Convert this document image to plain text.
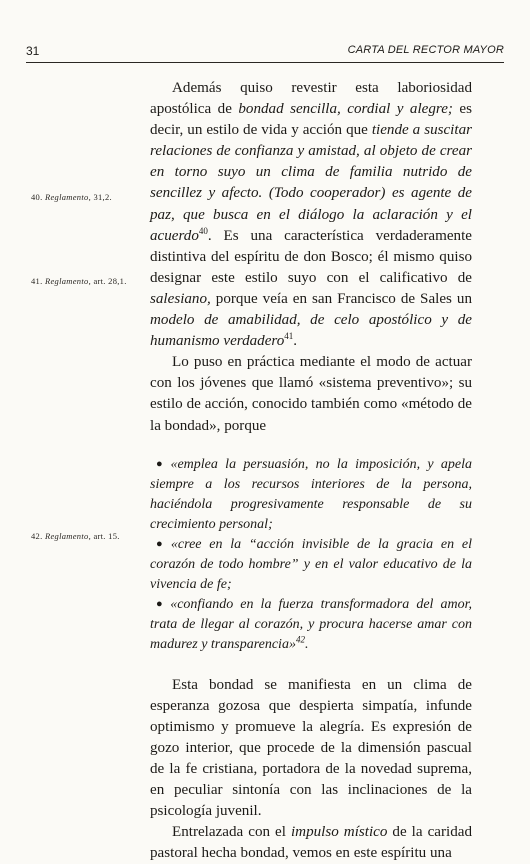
31	CARTA DEL RECTOR MAYOR
40. Reglamento, 31,2.
41. Reglamento, art. 28,1.
42. Reglamento, art. 15.

Además quiso revestir esta laboriosidad apostólica de bondad sencilla, cordial y alegre; es decir, un estilo de vida y acción que tiende a suscitar relaciones de confianza y amistad, al objeto de crear en torno suyo un clima de familia nutrido de sencillez y afecto. (Todo cooperador) es agente de paz, que busca en el diálogo la aclaración y el acuerdo$^{40}$. Es una característica verdaderamente distintiva del espíritu de don Bosco; él mismo quiso designar este estilo suyo con el calificativo de salesiano, porque veía en san Francisco de Sales un modelo de amabilidad, de celo apostólico y de humanismo verdadero$^{41}$.

Lo puso en práctica mediante el modo de actuar con los jóvenes que llamó «sistema preventivo»; su estilo de acción, conocido también como «método de la bondad», porque

● «emplea la persuasión, no la imposición, y apela siempre a los recursos interiores de la persona, haciéndola progresivamente responsable de su crecimiento personal;

● «cree en la “acción invisible de la gracia en el corazón de todo hombre” y en el valor educativo de la vivencia de fe;

● «confiando en la fuerza transformadora del amor, trata de llegar al corazón, y procura hacerse amar con madurez y transparencia»$^{42}$.

Esta bondad se manifiesta en un clima de esperanza gozosa que despierta simpatía, infunde optimismo y promueve la alegría. Es expresión de gozo interior, que procede de la dimensión pascual de la fe cristiana, portadora de la novedad suprema, en peculiar sintonía con las inclinaciones de la psicología juvenil.

Entrelazada con el impulso místico de la caridad pastoral hecha bondad, vemos en este espíritu una
